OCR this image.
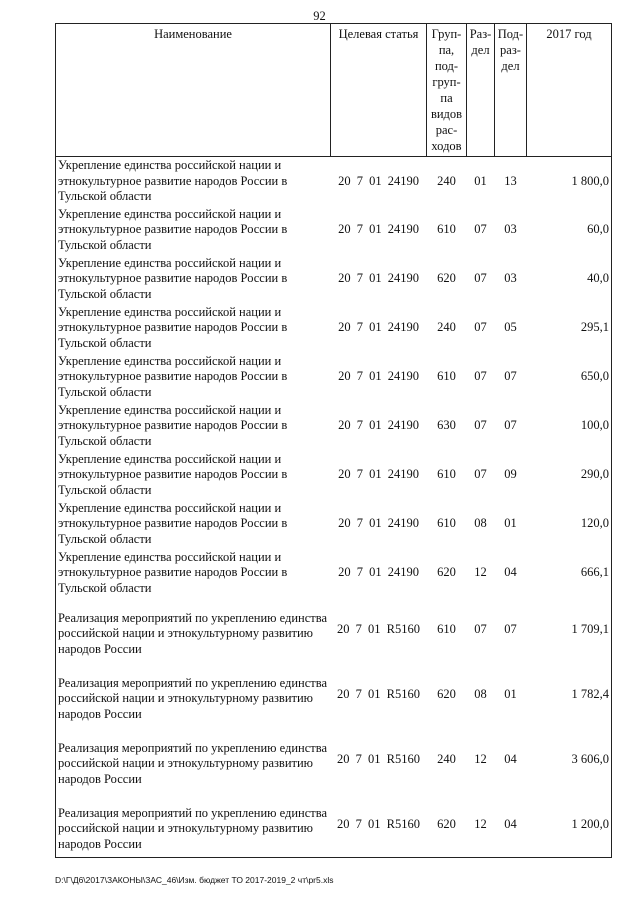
92
Наименование	Целевая статья	Груп-па, под-груп-па видов рас-ходов	Раз-дел	Под-раз-дел	2017 год
Укрепление единства российской нации и этнокультурное развитие народов России в Тульской области	20 7 01 24190	240	01	13	1 800,0
Укрепление единства российской нации и этнокультурное развитие народов России в Тульской области	20 7 01 24190	610	07	03	60,0
Укрепление единства российской нации и этнокультурное развитие народов России в Тульской области	20 7 01 24190	620	07	03	40,0
Укрепление единства российской нации и этнокультурное развитие народов России в Тульской области	20 7 01 24190	240	07	05	295,1
Укрепление единства российской нации и этнокультурное развитие народов России в Тульской области	20 7 01 24190	610	07	07	650,0
Укрепление единства российской нации и этнокультурное развитие народов России в Тульской области	20 7 01 24190	630	07	07	100,0
Укрепление единства российской нации и этнокультурное развитие народов России в Тульской области	20 7 01 24190	610	07	09	290,0
Укрепление единства российской нации и этнокультурное развитие народов России в Тульской области	20 7 01 24190	610	08	01	120,0
Укрепление единства российской нации и этнокультурное развитие народов России в Тульской области	20 7 01 24190	620	12	04	666,1
Реализация мероприятий по укреплению единства российской нации и этнокультурному развитию народов России	20 7 01 R5160	610	07	07	1 709,1
Реализация мероприятий по укреплению единства российской нации и этнокультурному развитию народов России	20 7 01 R5160	620	08	01	1 782,4
Реализация мероприятий по укреплению единства российской нации и этнокультурному развитию народов России	20 7 01 R5160	240	12	04	3 606,0
Реализация мероприятий по укреплению единства российской нации и этнокультурному развитию народов России	20 7 01 R5160	620	12	04	1 200,0
D:\Г\Д6\2017\ЗАКОНЫ\ЗАС_46\Изм. бюджет ТО 2017-2019_2 чт\pr5.xls
